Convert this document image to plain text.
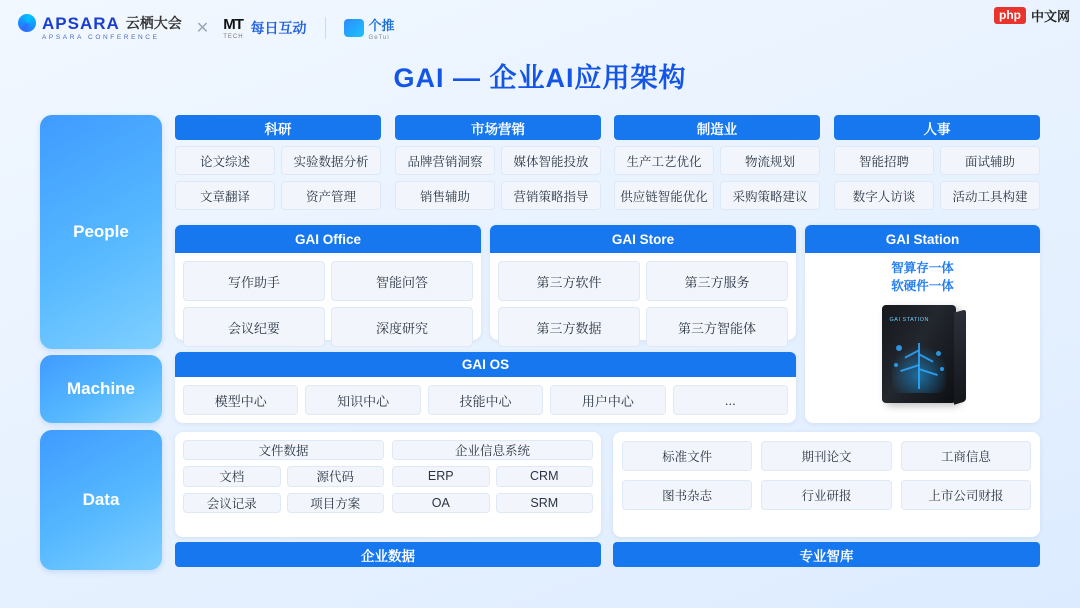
APSARA 云栖大会
APSARA CONFERENCE
✕ MT
TECH
每日互动	个推
GeTui
php 中文网
GAI — 企业AI应用架构
People
Machine
Data
科研
论文综述	实验数据分析
文章翻译	资产管理
市场营销
品牌营销洞察	媒体智能投放
销售辅助	营销策略指导
制造业
生产工艺优化	物流规划
供应链智能优化	采购策略建议
人事
智能招聘	面试辅助
数字人访谈	活动工具构建
GAI Office
写作助手	智能问答
会议纪要	深度研究
GAI Store
第三方软件	第三方服务
第三方数据	第三方智能体
GAI Station
智算存一体
软硬件一体
GAI STATION
GAI OS
模型中心	知识中心	技能中心	用户中心	...
文件数据
文档	源代码
会议记录	项目方案
企业信息系统
ERP	CRM
OA	SRM
企业数据
标准文件	期刊论文	工商信息
图书杂志	行业研报	上市公司财报
专业智库
